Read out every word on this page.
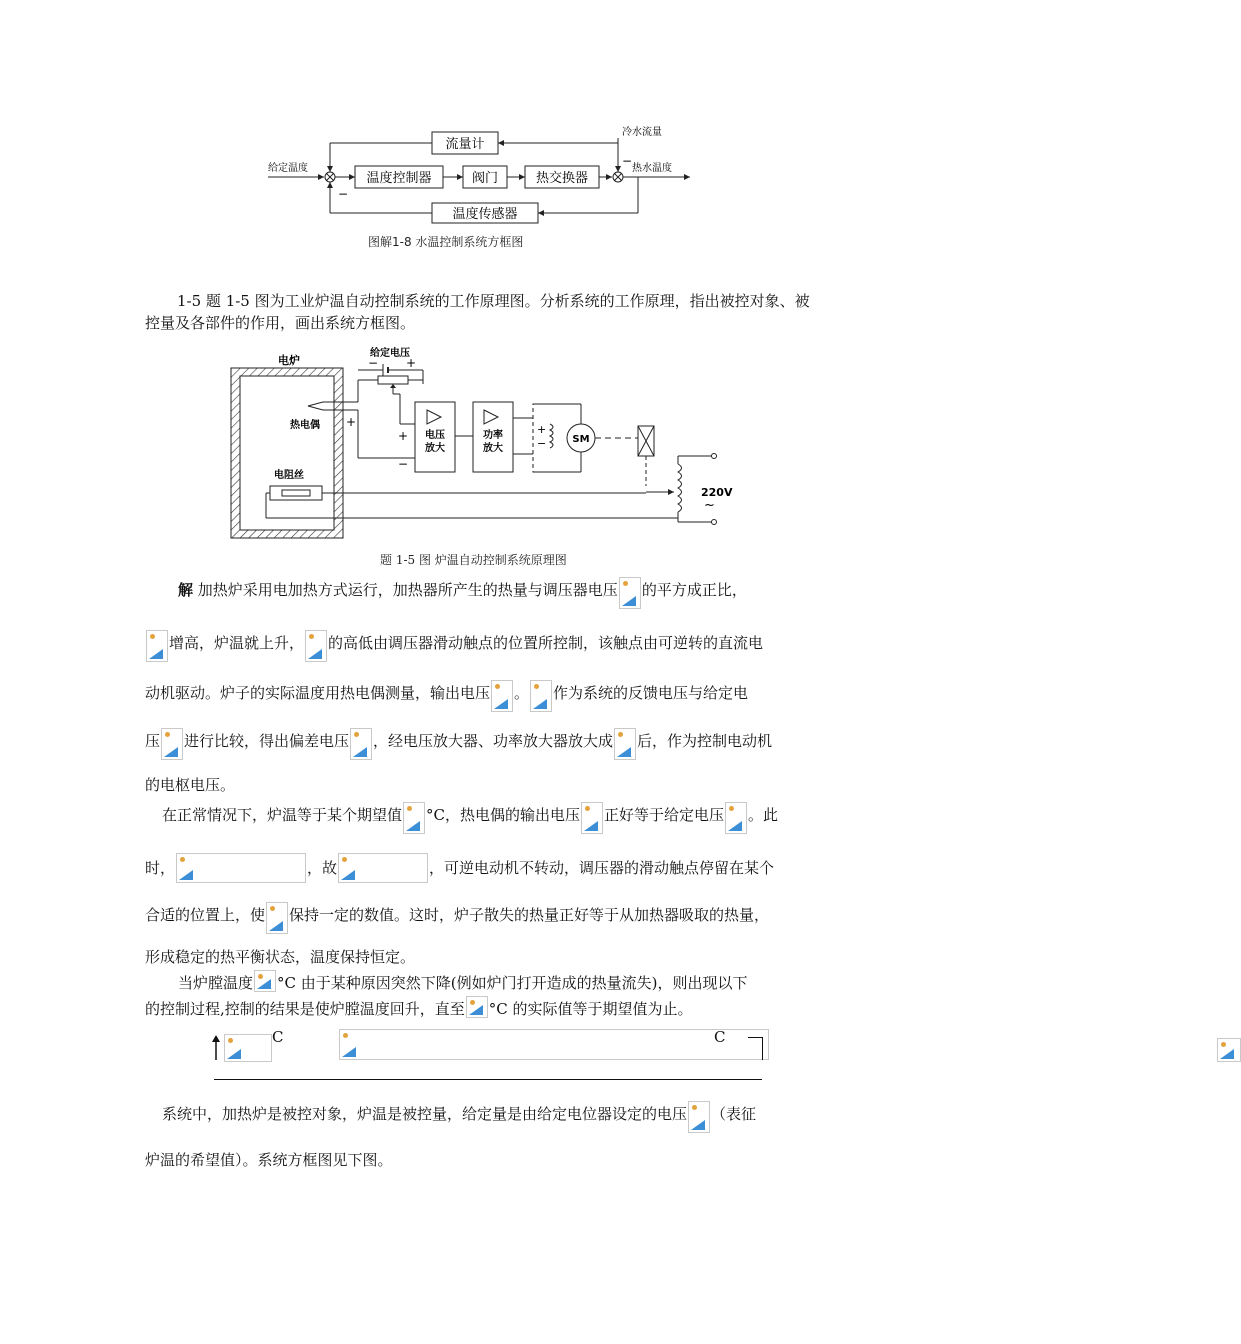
流量计
冷水流量
−
给定温度
−
温度控制器	阀门	热交换器
热水温度
温度传感器
图解1-8 水温控制系统方框图
1-5 题 1-5 图为工业炉温自动控制系统的工作原理图。分析系统的工作原理，指出被控对象、被控量及各部件的作用，画出系统方框图。
电炉
热电偶 +
给定电压
− +
+
−
电压放大
功率放大
+
−	SM
220V
~
电阻丝
题 1-5 图 炉温自动控制系统原理图
解 加热炉采用电加热方式运行，加热器所产生的热量与调压器电压 的平方成正比，
增高，炉温就上升， 的高低由调压器滑动触点的位置所控制，该触点由可逆转的直流电
动机驱动。炉子的实际温度用热电偶测量，输出电压 。 作为系统的反馈电压与给定电
压 进行比较，得出偏差电压 ，经电压放大器、功率放大器放大成 后，作为控制电动机
的电枢电压。
在正常情况下，炉温等于某个期望值 °C，热电偶的输出电压 正好等于给定电压 。此
时，	，故	，可逆电动机不转动，调压器的滑动触点停留在某个
合适的位置上，使 保持一定的数值。这时，炉子散失的热量正好等于从加热器吸取的热量，
形成稳定的热平衡状态，温度保持恒定。
当炉膛温度 °C 由于某种原因突然下降(例如炉门打开造成的热量流失)，则出现以下
的控制过程,控制的结果是使炉膛温度回升，直至 °C 的实际值等于期望值为止。

C
	C
系统中，加热炉是被控对象，炉温是被控量，给定量是由给定电位器设定的电压 （表征
炉温的希望值）。系统方框图见下图。
